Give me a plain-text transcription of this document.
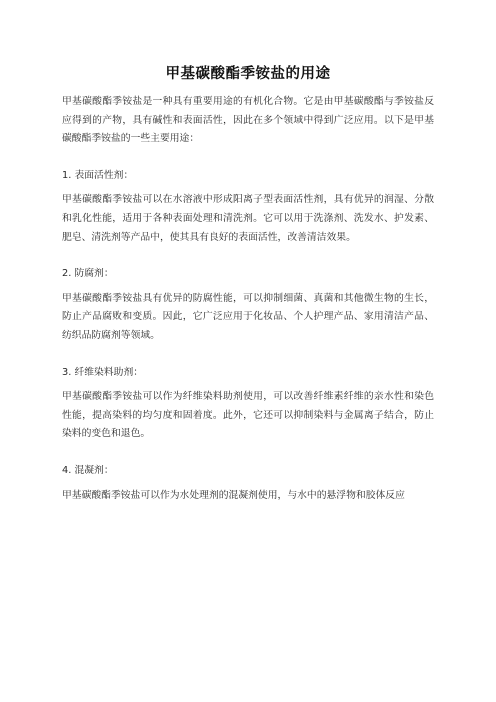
甲基碳酸酯季铵盐的用途

甲基碳酸酯季铵盐是一种具有重要用途的有机化合物。它是由甲基碳酸酯与季铵盐反应得到的产物，具有碱性和表面活性，因此在多个领域中得到广泛应用。以下是甲基碳酸酯季铵盐的一些主要用途：

1. 表面活性剂：

甲基碳酸酯季铵盐可以在水溶液中形成阳离子型表面活性剂，具有优异的润湿、分散和乳化性能，适用于各种表面处理和清洗剂。它可以用于洗涤剂、洗发水、护发素、肥皂、清洗剂等产品中，使其具有良好的表面活性，改善清洁效果。

2. 防腐剂：

甲基碳酸酯季铵盐具有优异的防腐性能，可以抑制细菌、真菌和其他微生物的生长，防止产品腐败和变质。因此，它广泛应用于化妆品、个人护理产品、家用清洁产品、纺织品防腐剂等领域。

3. 纤维染料助剂：

甲基碳酸酯季铵盐可以作为纤维染料助剂使用，可以改善纤维素纤维的亲水性和染色性能，提高染料的均匀度和固着度。此外，它还可以抑制染料与金属离子结合，防止染料的变色和退色。

4. 混凝剂：

甲基碳酸酯季铵盐可以作为水处理剂的混凝剂使用，与水中的悬浮物和胶体反应
